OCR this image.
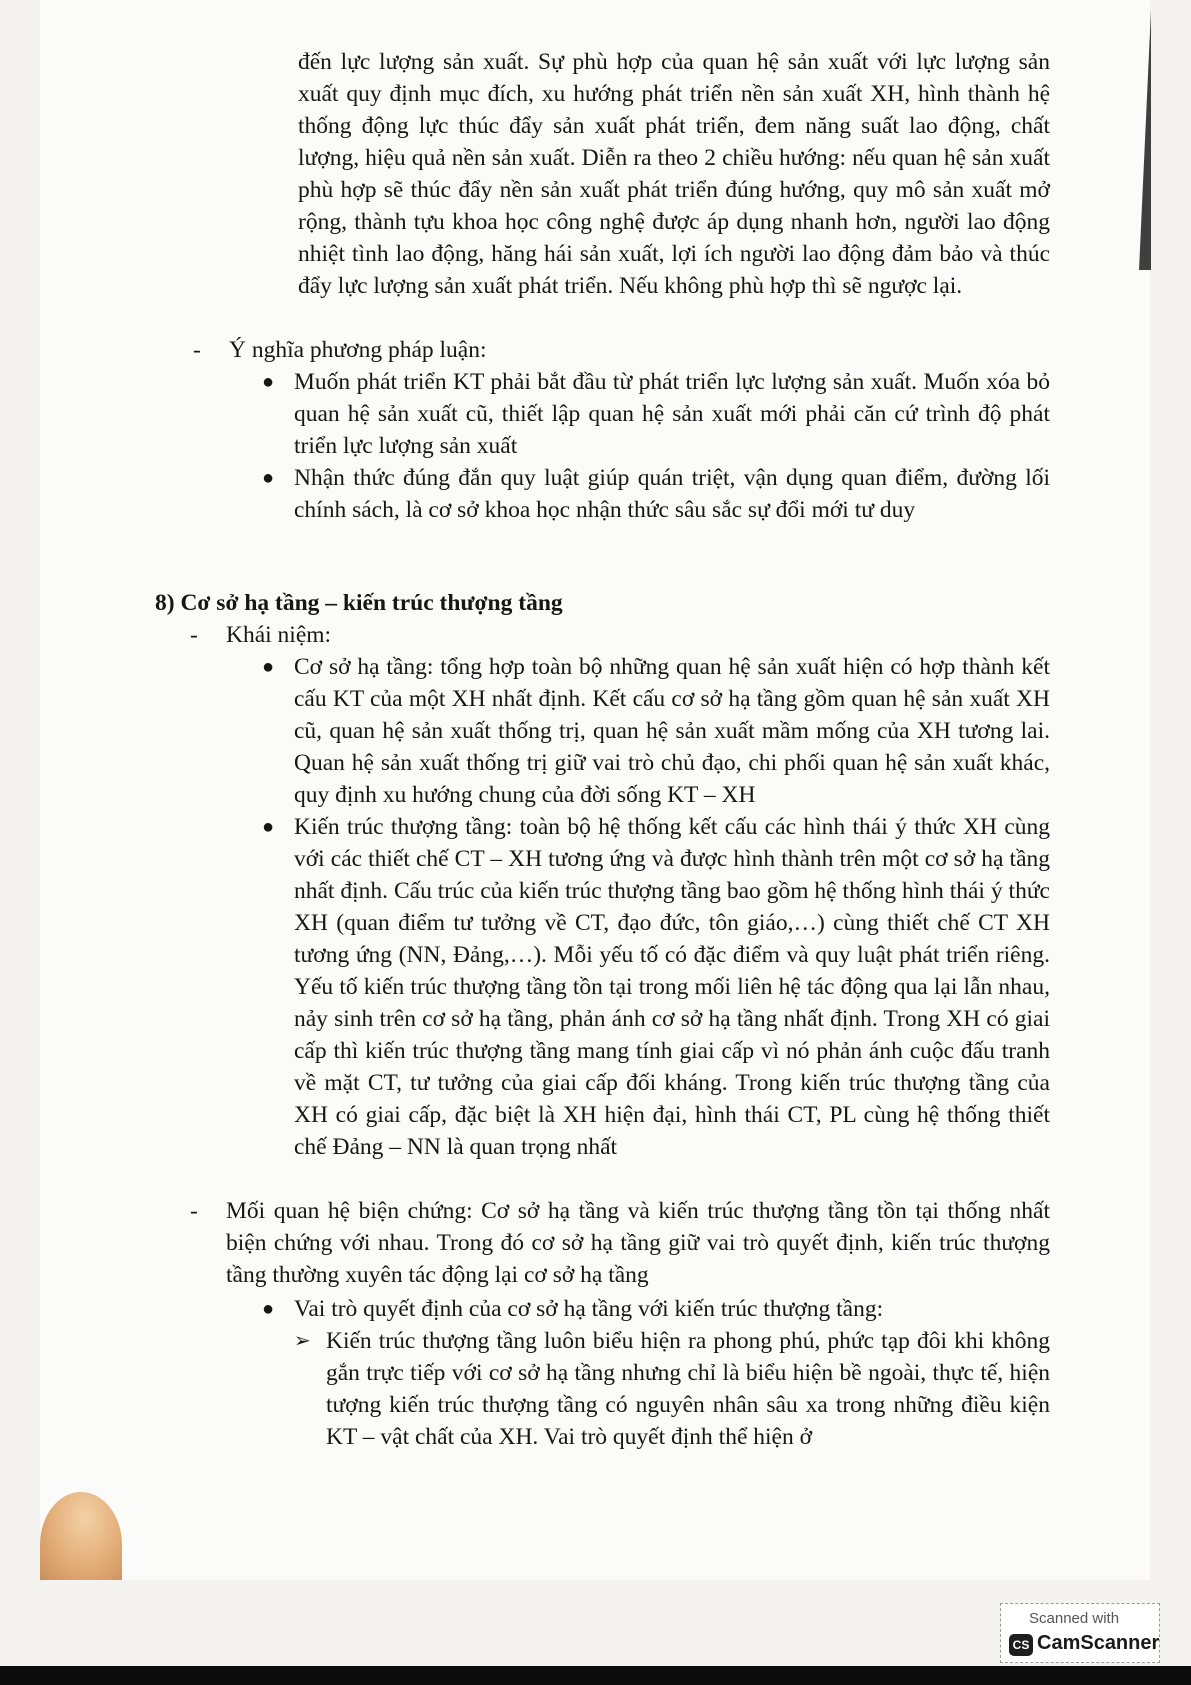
đến lực lượng sản xuất. Sự phù hợp của quan hệ sản xuất với lực lượng sản xuất quy định mục đích, xu hướng phát triển nền sản xuất XH, hình thành hệ thống động lực thúc đẩy sản xuất phát triển, đem năng suất lao động, chất lượng, hiệu quả nền sản xuất. Diễn ra theo 2 chiều hướng: nếu quan hệ sản xuất phù hợp sẽ thúc đẩy nền sản xuất phát triển đúng hướng, quy mô sản xuất mở rộng, thành tựu khoa học công nghệ được áp dụng nhanh hơn, người lao động nhiệt tình lao động, hăng hái sản xuất, lợi ích người lao động đảm bảo và thúc đẩy lực lượng sản xuất phát triển. Nếu không phù hợp thì sẽ ngược lại.

- Ý nghĩa phương pháp luận:

● Muốn phát triển KT phải bắt đầu từ phát triển lực lượng sản xuất. Muốn xóa bỏ quan hệ sản xuất cũ, thiết lập quan hệ sản xuất mới phải căn cứ trình độ phát triển lực lượng sản xuất

● Nhận thức đúng đắn quy luật giúp quán triệt, vận dụng quan điểm, đường lối chính sách, là cơ sở khoa học nhận thức sâu sắc sự đổi mới tư duy

8) Cơ sở hạ tầng – kiến trúc thượng tầng
- Khái niệm:

● Cơ sở hạ tầng: tổng hợp toàn bộ những quan hệ sản xuất hiện có hợp thành kết cấu KT của một XH nhất định. Kết cấu cơ sở hạ tầng gồm quan hệ sản xuất XH cũ, quan hệ sản xuất thống trị, quan hệ sản xuất mầm mống của XH tương lai. Quan hệ sản xuất thống trị giữ vai trò chủ đạo, chi phối quan hệ sản xuất khác, quy định xu hướng chung của đời sống KT – XH

● Kiến trúc thượng tầng: toàn bộ hệ thống kết cấu các hình thái ý thức XH cùng với các thiết chế CT – XH tương ứng và được hình thành trên một cơ sở hạ tầng nhất định. Cấu trúc của kiến trúc thượng tầng bao gồm hệ thống hình thái ý thức XH (quan điểm tư tưởng về CT, đạo đức, tôn giáo,…) cùng thiết chế CT XH tương ứng (NN, Đảng,…). Mỗi yếu tố có đặc điểm và quy luật phát triển riêng. Yếu tố kiến trúc thượng tầng tồn tại trong mối liên hệ tác động qua lại lẫn nhau, nảy sinh trên cơ sở hạ tầng, phản ánh cơ sở hạ tầng nhất định. Trong XH có giai cấp thì kiến trúc thượng tầng mang tính giai cấp vì nó phản ánh cuộc đấu tranh về mặt CT, tư tưởng của giai cấp đối kháng. Trong kiến trúc thượng tầng của XH có giai cấp, đặc biệt là XH hiện đại, hình thái CT, PL cùng hệ thống thiết chế Đảng – NN là quan trọng nhất

- Mối quan hệ biện chứng: Cơ sở hạ tầng và kiến trúc thượng tầng tồn tại thống nhất biện chứng với nhau. Trong đó cơ sở hạ tầng giữ vai trò quyết định, kiến trúc thượng tầng thường xuyên tác động lại cơ sở hạ tầng

● Vai trò quyết định của cơ sở hạ tầng với kiến trúc thượng tầng:

➢ Kiến trúc thượng tầng luôn biểu hiện ra phong phú, phức tạp đôi khi không gắn trực tiếp với cơ sở hạ tầng nhưng chỉ là biểu hiện bề ngoài, thực tế, hiện tượng kiến trúc thượng tầng có nguyên nhân sâu xa trong những điều kiện KT – vật chất của XH. Vai trò quyết định thể hiện ở

Scanned with
CS CamScanner
